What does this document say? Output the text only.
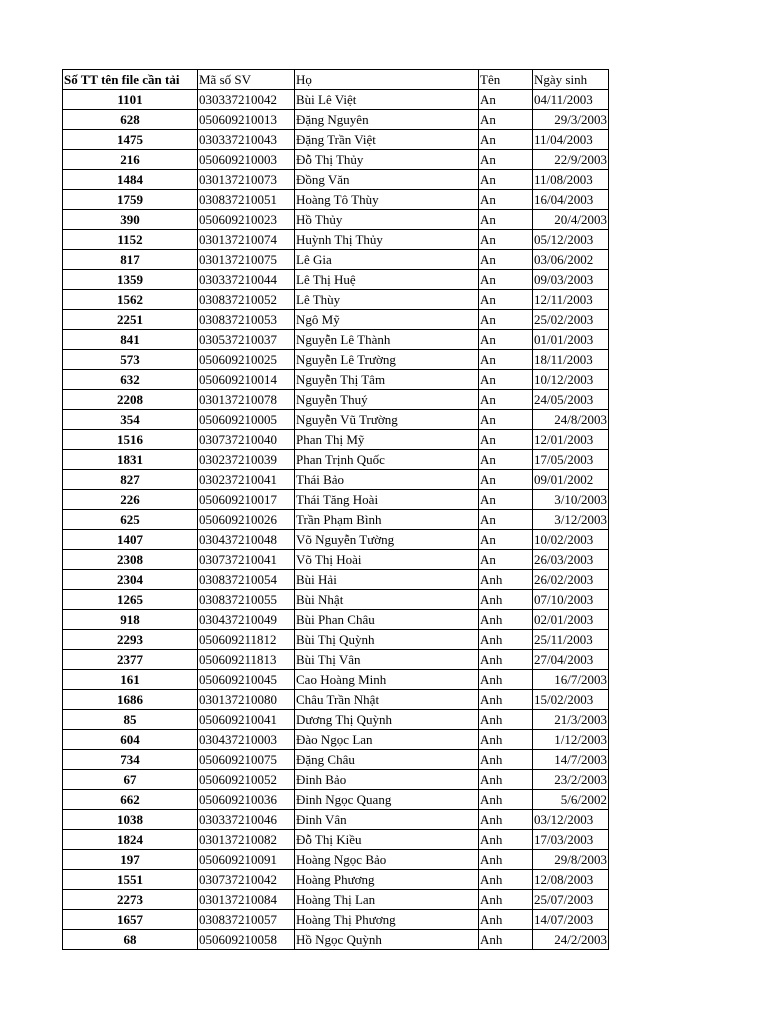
Số TT tên file cần tải	Mã số SV	Họ	Tên	Ngày sinh
1101	030337210042	Bùi Lê Việt	An	04/11/2003
628	050609210013	Đặng Nguyên	An	29/3/2003
1475	030337210043	Đặng Trần Việt	An	11/04/2003
216	050609210003	Đỗ Thị Thủy	An	22/9/2003
1484	030137210073	Đồng Văn	An	11/08/2003
1759	030837210051	Hoàng Tô Thùy	An	16/04/2003
390	050609210023	Hồ Thủy	An	20/4/2003
1152	030137210074	Huỳnh Thị Thủy	An	05/12/2003
817	030137210075	Lê Gia	An	03/06/2002
1359	030337210044	Lê Thị Huệ	An	09/03/2003
1562	030837210052	Lê Thùy	An	12/11/2003
2251	030837210053	Ngô Mỹ	An	25/02/2003
841	030537210037	Nguyễn Lê Thành	An	01/01/2003
573	050609210025	Nguyễn Lê Trường	An	18/11/2003
632	050609210014	Nguyễn Thị Tâm	An	10/12/2003
2208	030137210078	Nguyễn Thuý	An	24/05/2003
354	050609210005	Nguyễn Vũ Trường	An	24/8/2003
1516	030737210040	Phan Thị Mỹ	An	12/01/2003
1831	030237210039	Phan Trịnh Quốc	An	17/05/2003
827	030237210041	Thái Bảo	An	09/01/2002
226	050609210017	Thái Tăng Hoài	An	3/10/2003
625	050609210026	Trần Phạm Bình	An	3/12/2003
1407	030437210048	Võ Nguyễn Tường	An	10/02/2003
2308	030737210041	Võ Thị Hoài	An	26/03/2003
2304	030837210054	Bùi Hải	Anh	26/02/2003
1265	030837210055	Bùi Nhật	Anh	07/10/2003
918	030437210049	Bùi Phan Châu	Anh	02/01/2003
2293	050609211812	Bùi Thị Quỳnh	Anh	25/11/2003
2377	050609211813	Bùi Thị Vân	Anh	27/04/2003
161	050609210045	Cao Hoàng Minh	Anh	16/7/2003
1686	030137210080	Châu Trần Nhật	Anh	15/02/2003
85	050609210041	Dương Thị Quỳnh	Anh	21/3/2003
604	030437210003	Đào Ngọc Lan	Anh	1/12/2003
734	050609210075	Đặng Châu	Anh	14/7/2003
67	050609210052	Đinh Bảo	Anh	23/2/2003
662	050609210036	Đinh Ngọc Quang	Anh	5/6/2002
1038	030337210046	Đinh Vân	Anh	03/12/2003
1824	030137210082	Đỗ Thị Kiều	Anh	17/03/2003
197	050609210091	Hoàng Ngọc Bảo	Anh	29/8/2003
1551	030737210042	Hoàng Phương	Anh	12/08/2003
2273	030137210084	Hoàng Thị Lan	Anh	25/07/2003
1657	030837210057	Hoàng Thị Phương	Anh	14/07/2003
68	050609210058	Hồ Ngọc Quỳnh	Anh	24/2/2003
